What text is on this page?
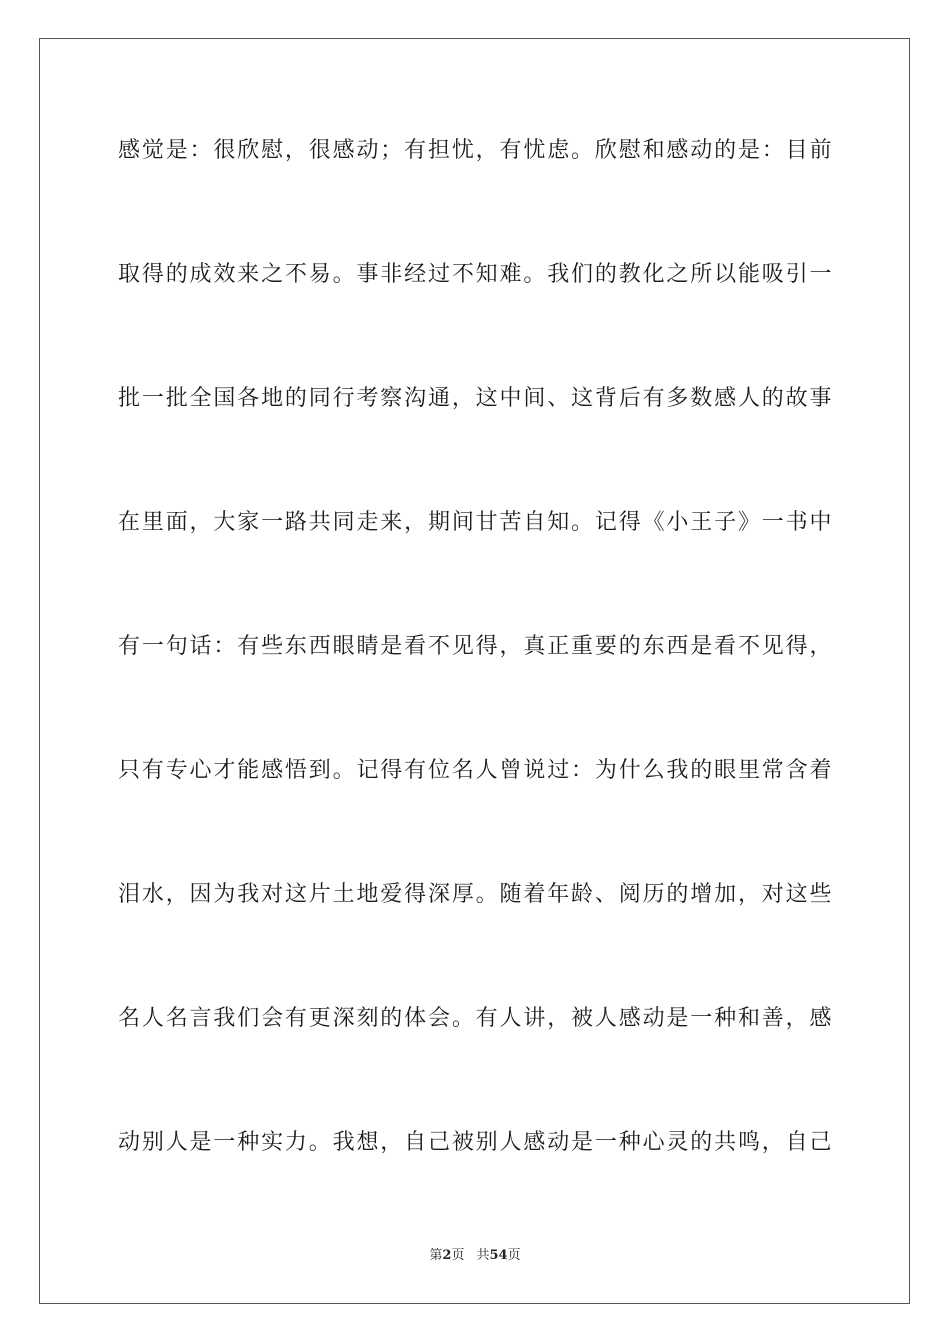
感觉是：很欣慰，很感动；有担忧，有忧虑。欣慰和感动的是：目前
取得的成效来之不易。事非经过不知难。我们的教化之所以能吸引一
批一批全国各地的同行考察沟通，这中间、这背后有多数感人的故事
在里面，大家一路共同走来，期间甘苦自知。记得《小王子》一书中
有一句话：有些东西眼睛是看不见得，真正重要的东西是看不见得，
只有专心才能感悟到。记得有位名人曾说过：为什么我的眼里常含着
泪水，因为我对这片土地爱得深厚。随着年龄、阅历的增加，对这些
名人名言我们会有更深刻的体会。有人讲，被人感动是一种和善，感
动别人是一种实力。我想，自己被别人感动是一种心灵的共鸣，自己
第2页 共54页
